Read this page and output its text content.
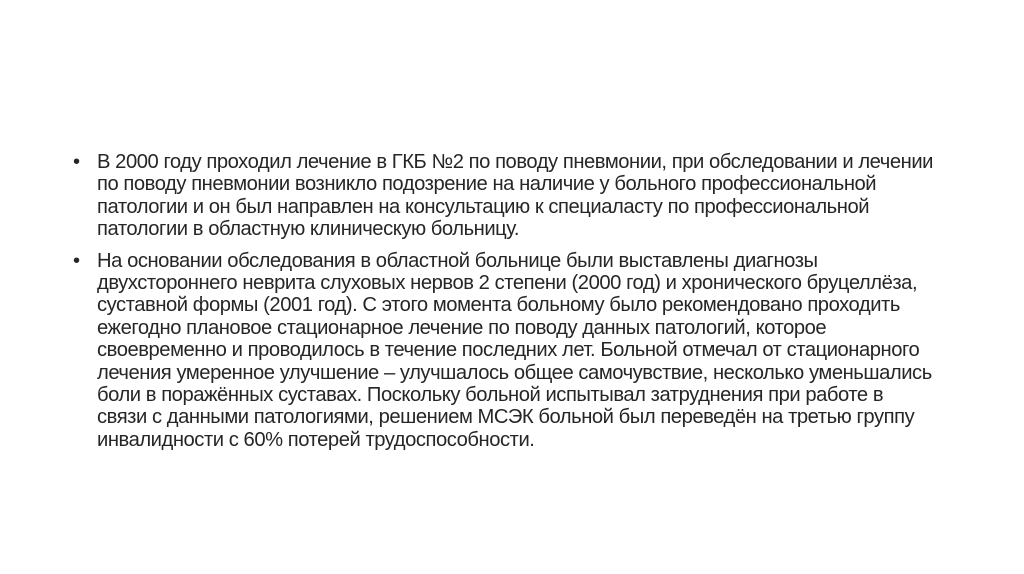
• В 2000 году проходил лечение в ГКБ №2 по поводу пневмонии, при обследовании и лечении по поводу пневмонии возникло подозрение на наличие у больного профессиональной патологии и он был направлен на консультацию к специаласту по профессиональной патологии в областную клиническую больницу.
• На основании обследования в областной больнице были выставлены диагнозы двухстороннего неврита слуховых нервов 2 степени (2000 год) и хронического бруцеллёза, суставной формы (2001 год). С этого момента больному было рекомендовано проходить ежегодно плановое стационарное лечение по поводу данных патологий, которое своевременно и проводилось в течение последних лет. Больной отмечал от стационарного лечения умеренное улучшение – улучшалось общее самочувствие, несколько уменьшались боли в поражённых суставах. Поскольку больной испытывал затруднения при работе в связи с данными патологиями, решением МСЭК больной был переведён на третью группу инвалидности с 60% потерей трудоспособности.
